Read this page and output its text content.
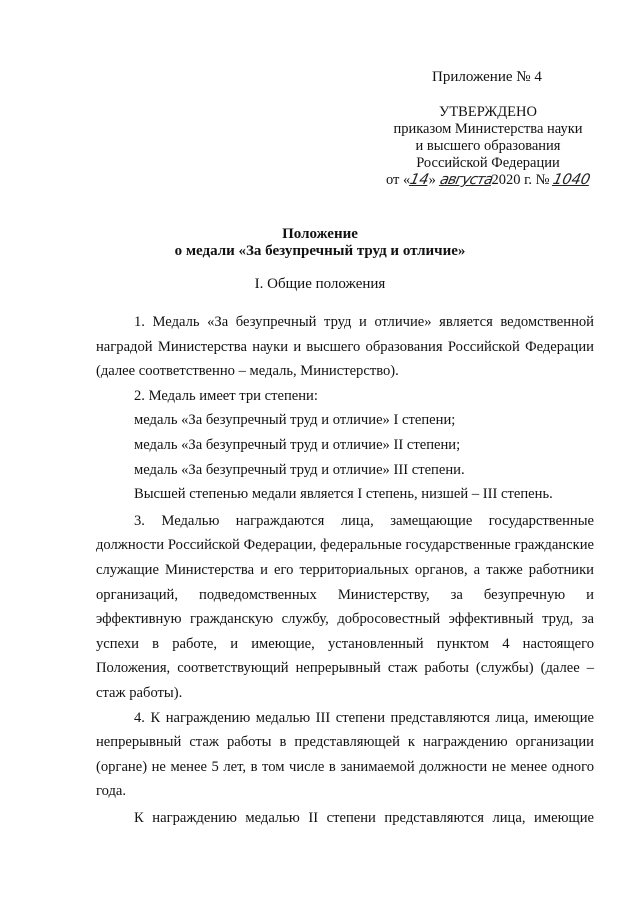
Приложение № 4
УТВЕРЖДЕНО
приказом Министерства науки
и высшего образования
Российской Федерации
от «14» августа2020 г. № 1040
Положение
о медали «За безупречный труд и отличие»
I. Общие положения

1. Медаль «За безупречный труд и отличие» является ведомственной наградой Министерства науки и высшего образования Российской Федерации (далее соответственно – медаль, Министерство).

2. Медаль имеет три степени:

медаль «За безупречный труд и отличие» I степени;

медаль «За безупречный труд и отличие» II степени;

медаль «За безупречный труд и отличие» III степени.

Высшей степенью медали является I степень, низшей – III степень.

3. Медалью награждаются лица, замещающие государственные должности Российской Федерации, федеральные государственные гражданские служащие Министерства и его территориальных органов, а также работники организаций, подведомственных Министерству, за безупречную и эффективную гражданскую службу, добросовестный эффективный труд, за успехи в работе, и имеющие, установленный пунктом 4 настоящего Положения, соответствующий непрерывный стаж работы (службы) (далее – стаж работы).

4. К награждению медалью III степени представляются лица, имеющие непрерывный стаж работы в представляющей к награждению организации (органе) не менее 5 лет, в том числе в занимаемой должности не менее одного года.

К награждению медалью II степени представляются лица, имеющие
